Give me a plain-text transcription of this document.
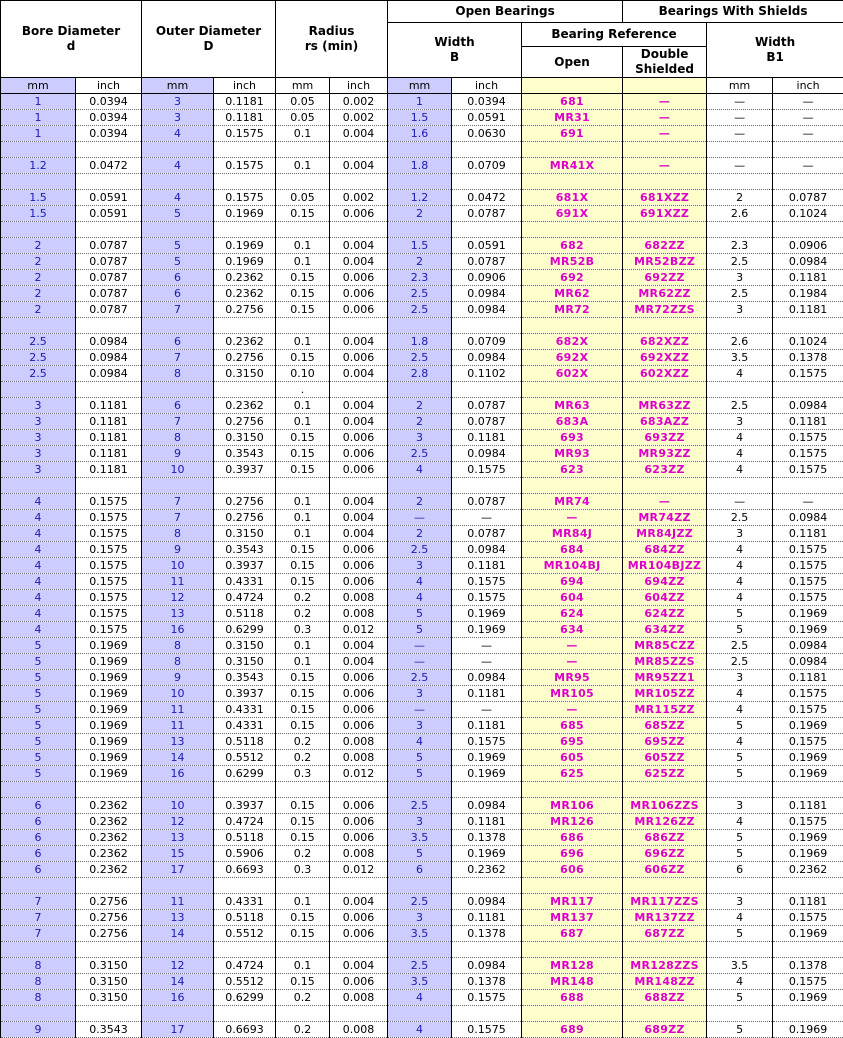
Bore Diameter
d		Outer Diameter
D		Radius
rs (min)		Open Bearings			Bearings With Shields		
						Width
B		Bearing Reference		Width
B1	
								Open	Double
Shielded		
mm	inch	mm	inch	mm	inch	mm	inch			mm	inch
1	0.0394	3	0.1181	0.05	0.002	1	0.0394	681	—	—	—
1	0.0394	3	0.1181	0.05	0.002	1.5	0.0591	MR31	—	—	—
1	0.0394	4	0.1575	0.1	0.004	1.6	0.0630	691	—	—	—

1.2	0.0472	4	0.1575	0.1	0.004	1.8	0.0709	MR41X	—	—	—

1.5	0.0591	4	0.1575	0.05	0.002	1.2	0.0472	681X	681XZZ	2	0.0787
1.5	0.0591	5	0.1969	0.15	0.006	2	0.0787	691X	691XZZ	2.6	0.1024

2	0.0787	5	0.1969	0.1	0.004	1.5	0.0591	682	682ZZ	2.3	0.0906
2	0.0787	5	0.1969	0.1	0.004	2	0.0787	MR52B	MR52BZZ	2.5	0.0984
2	0.0787	6	0.2362	0.15	0.006	2.3	0.0906	692	692ZZ	3	0.1181
2	0.0787	6	0.2362	0.15	0.006	2.5	0.0984	MR62	MR62ZZ	2.5	0.1984
2	0.0787	7	0.2756	0.15	0.006	2.5	0.0984	MR72	MR72ZZS	3	0.1181

2.5	0.0984	6	0.2362	0.1	0.004	1.8	0.0709	682X	682XZZ	2.6	0.1024
2.5	0.0984	7	0.2756	0.15	0.006	2.5	0.0984	692X	692XZZ	3.5	0.1378
2.5	0.0984	8	0.3150	0.10	0.004	2.8	0.1102	602X	602XZZ	4	0.1575
				.							
3	0.1181	6	0.2362	0.1	0.004	2	0.0787	MR63	MR63ZZ	2.5	0.0984
3	0.1181	7	0.2756	0.1	0.004	2	0.0787	683A	683AZZ	3	0.1181
3	0.1181	8	0.3150	0.15	0.006	3	0.1181	693	693ZZ	4	0.1575
3	0.1181	9	0.3543	0.15	0.006	2.5	0.0984	MR93	MR93ZZ	4	0.1575
3	0.1181	10	0.3937	0.15	0.006	4	0.1575	623	623ZZ	4	0.1575

4	0.1575	7	0.2756	0.1	0.004	2	0.0787	MR74	—	—	—
4	0.1575	7	0.2756	0.1	0.004	—	—	—	MR74ZZ	2.5	0.0984
4	0.1575	8	0.3150	0.1	0.004	2	0.0787	MR84J	MR84JZZ	3	0.1181
4	0.1575	9	0.3543	0.15	0.006	2.5	0.0984	684	684ZZ	4	0.1575
4	0.1575	10	0.3937	0.15	0.006	3	0.1181	MR104BJ	MR104BJZZ	4	0.1575
4	0.1575	11	0.4331	0.15	0.006	4	0.1575	694	694ZZ	4	0.1575
4	0.1575	12	0.4724	0.2	0.008	4	0.1575	604	604ZZ	4	0.1575
4	0.1575	13	0.5118	0.2	0.008	5	0.1969	624	624ZZ	5	0.1969
4	0.1575	16	0.6299	0.3	0.012	5	0.1969	634	634ZZ	5	0.1969
5	0.1969	8	0.3150	0.1	0.004	—	—	—	MR85CZZ	2.5	0.0984
5	0.1969	8	0.3150	0.1	0.004	—	—	—	MR85ZZS	2.5	0.0984
5	0.1969	9	0.3543	0.15	0.006	2.5	0.0984	MR95	MR95ZZ1	3	0.1181
5	0.1969	10	0.3937	0.15	0.006	3	0.1181	MR105	MR105ZZ	4	0.1575
5	0.1969	11	0.4331	0.15	0.006	—	—	—	MR115ZZ	4	0.1575
5	0.1969	11	0.4331	0.15	0.006	3	0.1181	685	685ZZ	5	0.1969
5	0.1969	13	0.5118	0.2	0.008	4	0.1575	695	695ZZ	4	0.1575
5	0.1969	14	0.5512	0.2	0.008	5	0.1969	605	605ZZ	5	0.1969
5	0.1969	16	0.6299	0.3	0.012	5	0.1969	625	625ZZ	5	0.1969

6	0.2362	10	0.3937	0.15	0.006	2.5	0.0984	MR106	MR106ZZS	3	0.1181
6	0.2362	12	0.4724	0.15	0.006	3	0.1181	MR126	MR126ZZ	4	0.1575
6	0.2362	13	0.5118	0.15	0.006	3.5	0.1378	686	686ZZ	5	0.1969
6	0.2362	15	0.5906	0.2	0.008	5	0.1969	696	696ZZ	5	0.1969
6	0.2362	17	0.6693	0.3	0.012	6	0.2362	606	606ZZ	6	0.2362

7	0.2756	11	0.4331	0.1	0.004	2.5	0.0984	MR117	MR117ZZS	3	0.1181
7	0.2756	13	0.5118	0.15	0.006	3	0.1181	MR137	MR137ZZ	4	0.1575
7	0.2756	14	0.5512	0.15	0.006	3.5	0.1378	687	687ZZ	5	0.1969

8	0.3150	12	0.4724	0.1	0.004	2.5	0.0984	MR128	MR128ZZS	3.5	0.1378
8	0.3150	14	0.5512	0.15	0.006	3.5	0.1378	MR148	MR148ZZ	4	0.1575
8	0.3150	16	0.6299	0.2	0.008	4	0.1575	688	688ZZ	5	0.1969

9	0.3543	17	0.6693	0.2	0.008	4	0.1575	689	689ZZ	5	0.1969
